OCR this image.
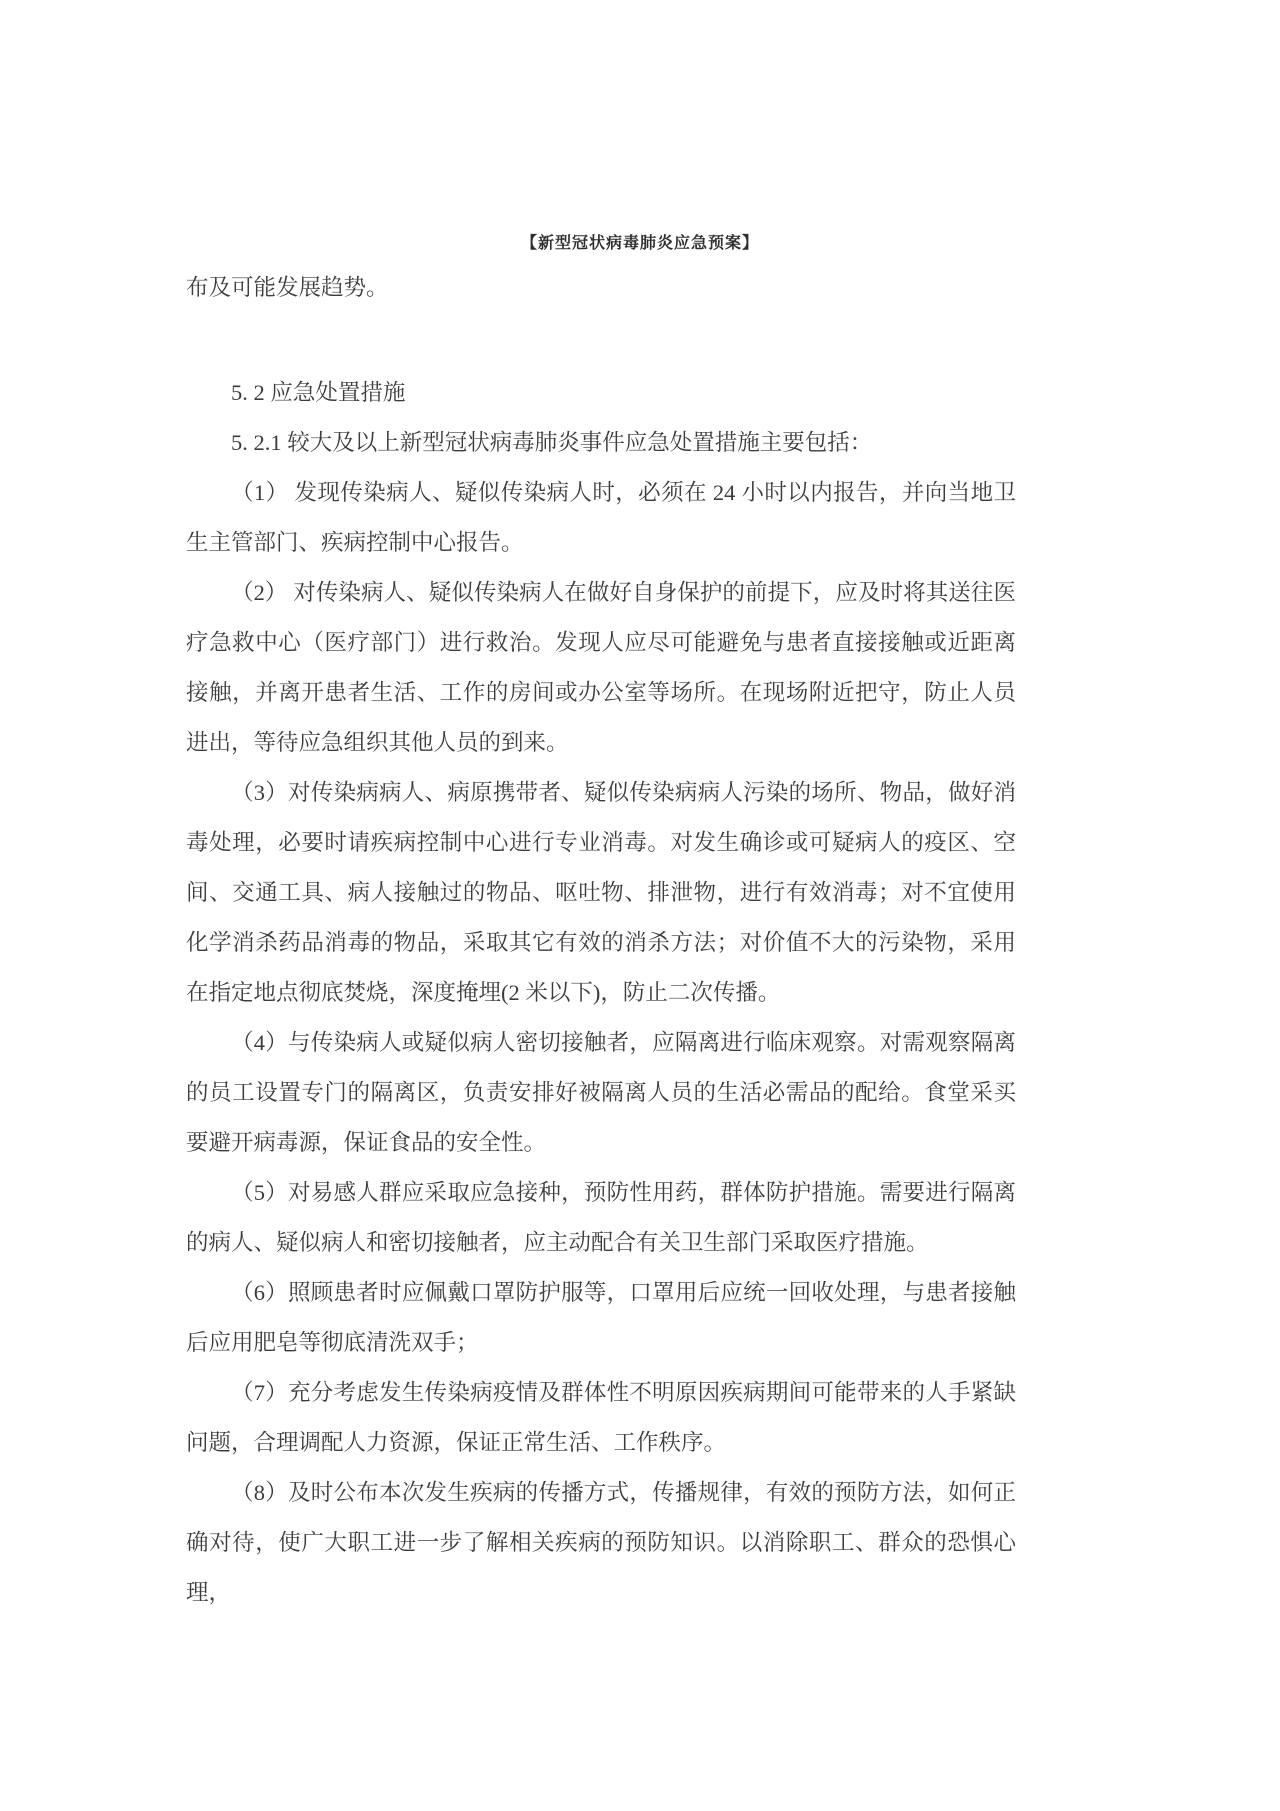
【新型冠状病毒肺炎应急预案】

布及可能发展趋势。

5. 2 应急处置措施

5. 2.1 较大及以上新型冠状病毒肺炎事件应急处置措施主要包括：

（1） 发现传染病人、疑似传染病人时，必须在 24 小时以内报告，并向当地卫生主管部门、疾病控制中心报告。

（2） 对传染病人、疑似传染病人在做好自身保护的前提下，应及时将其送往医疗急救中心（医疗部门）进行救治。发现人应尽可能避免与患者直接接触或近距离接触，并离开患者生活、工作的房间或办公室等场所。在现场附近把守，防止人员进出，等待应急组织其他人员的到来。

（3）对传染病病人、病原携带者、疑似传染病病人污染的场所、物品，做好消毒处理，必要时请疾病控制中心进行专业消毒。对发生确诊或可疑病人的疫区、空间、交通工具、病人接触过的物品、呕吐物、排泄物，进行有效消毒；对不宜使用化学消杀药品消毒的物品，采取其它有效的消杀方法；对价值不大的污染物，采用在指定地点彻底焚烧，深度掩埋(2 米以下)，防止二次传播。

（4）与传染病人或疑似病人密切接触者，应隔离进行临床观察。对需观察隔离的员工设置专门的隔离区，负责安排好被隔离人员的生活必需品的配给。食堂采买要避开病毒源，保证食品的安全性。

（5）对易感人群应采取应急接种，预防性用药，群体防护措施。需要进行隔离的病人、疑似病人和密切接触者，应主动配合有关卫生部门采取医疗措施。

（6）照顾患者时应佩戴口罩防护服等，口罩用后应统一回收处理，与患者接触后应用肥皂等彻底清洗双手；

（7）充分考虑发生传染病疫情及群体性不明原因疾病期间可能带来的人手紧缺问题，合理调配人力资源，保证正常生活、工作秩序。

（8）及时公布本次发生疾病的传播方式，传播规律，有效的预防方法，如何正确对待，使广大职工进一步了解相关疾病的预防知识。以消除职工、群众的恐惧心理，
